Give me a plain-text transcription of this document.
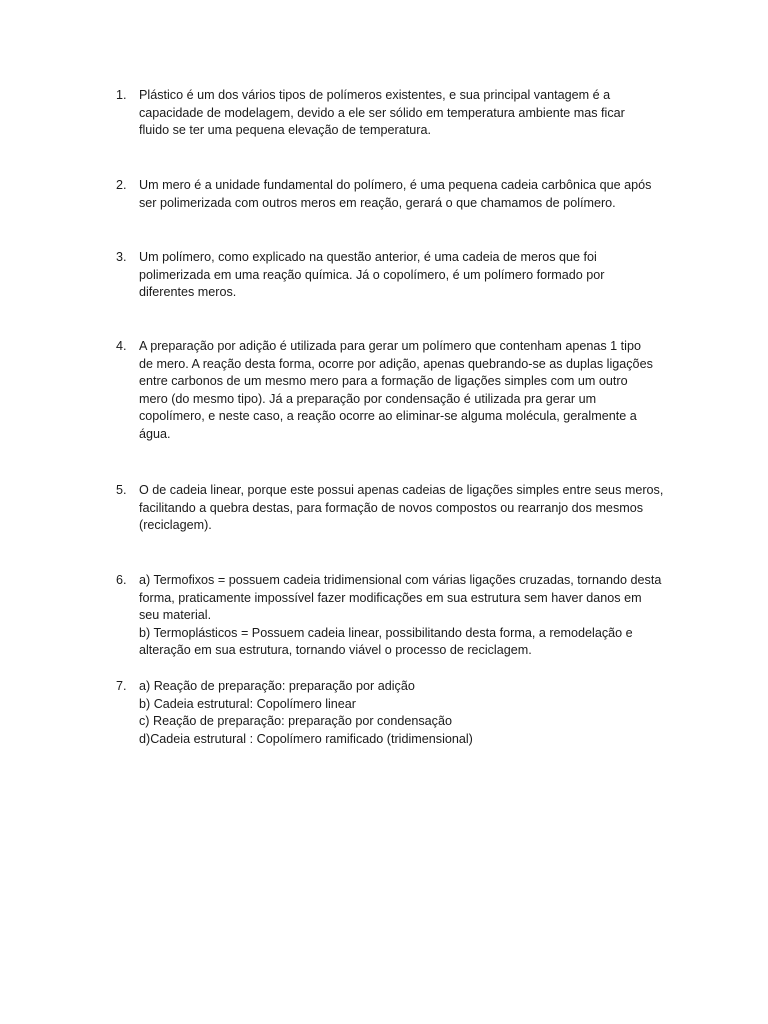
1. Plástico é um dos vários tipos de polímeros existentes, e sua principal vantagem é a
capacidade de modelagem, devido a ele ser sólido em temperatura ambiente mas ficar
fluido se ter uma pequena elevação de temperatura.
2. Um mero é a unidade fundamental do polímero, é uma pequena cadeia carbônica que após
ser polimerizada com outros meros em reação, gerará o que chamamos de polímero.
3. Um polímero, como explicado na questão anterior, é uma cadeia de meros que foi
polimerizada em uma reação química. Já o copolímero, é um polímero formado por
diferentes meros.
4. A preparação por adição é utilizada para gerar um polímero que contenham apenas 1 tipo
de mero. A reação desta forma, ocorre por adição, apenas quebrando-se as duplas ligações
entre carbonos de um mesmo mero para a formação de ligações simples com um outro
mero (do mesmo tipo). Já a preparação por condensação é utilizada pra gerar um
copolímero, e neste caso, a reação ocorre ao eliminar-se alguma molécula, geralmente a
água.
5. O de cadeia linear, porque este possui apenas cadeias de ligações simples entre seus meros,
facilitando a quebra destas, para formação de novos compostos ou rearranjo dos mesmos
(reciclagem).
6. a) Termofixos = possuem cadeia tridimensional com várias ligações cruzadas, tornando desta
forma, praticamente impossível fazer modificações em sua estrutura sem haver danos em
seu material.
b) Termoplásticos = Possuem cadeia linear, possibilitando desta forma, a remodelação e
alteração em sua estrutura, tornando viável o processo de reciclagem.
7. a) Reação de preparação: preparação por adição
b) Cadeia estrutural: Copolímero linear
c) Reação de preparação: preparação por condensação
d)Cadeia estrutural : Copolímero ramificado (tridimensional)
